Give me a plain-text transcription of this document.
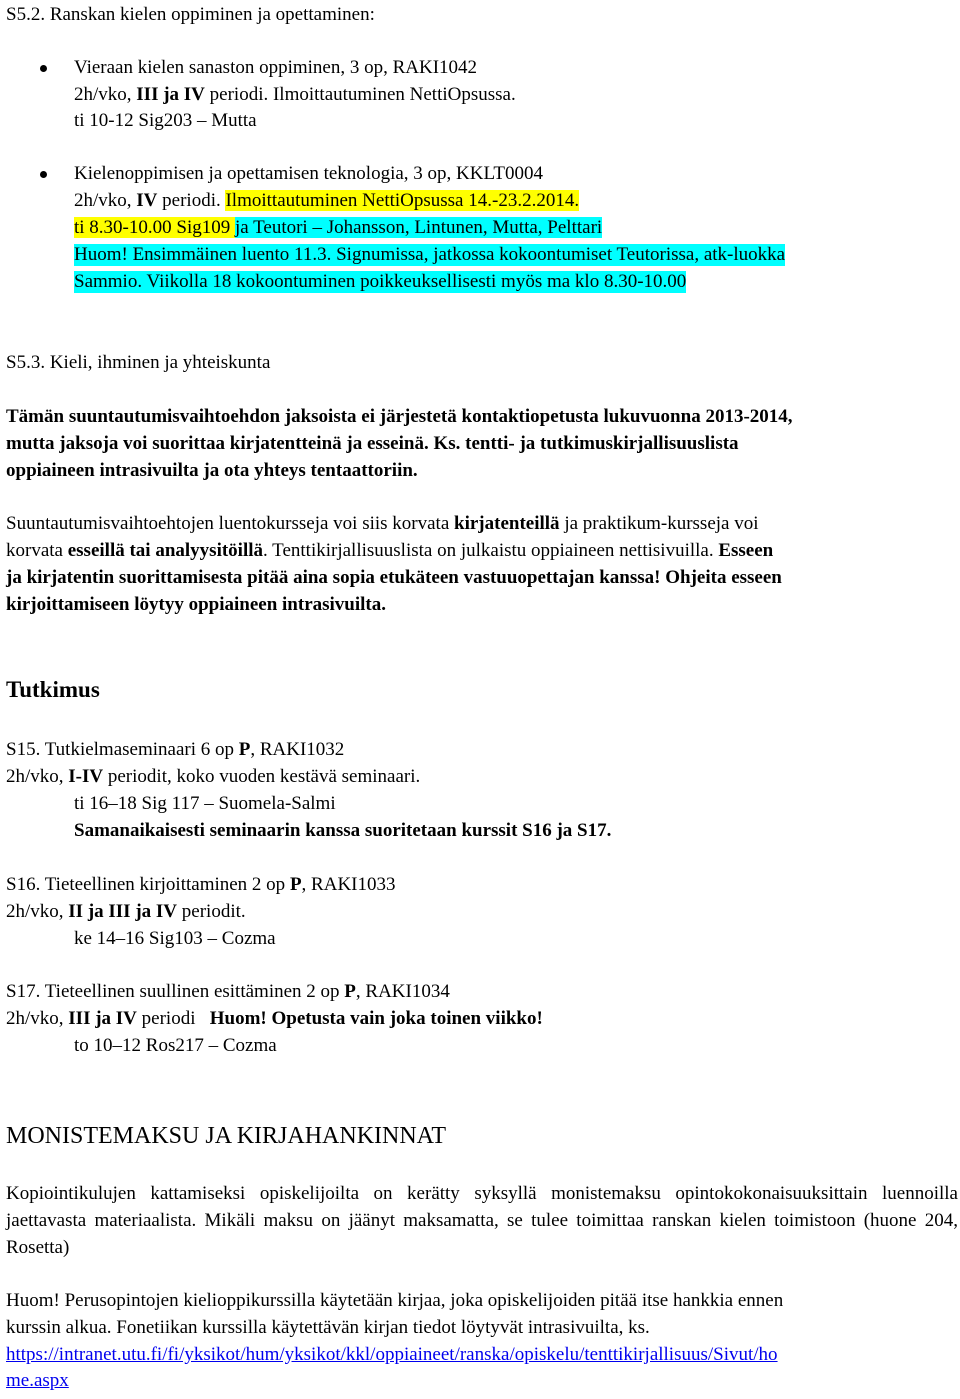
S5.2. Ranskan kielen oppiminen ja opettaminen:
Vieraan kielen sanaston oppiminen, 3 op, RAKI1042
2h/vko, III ja IV periodi. Ilmoittautuminen NettiOpsussa.
ti 10-12 Sig203 – Mutta
Kielenoppimisen ja opettamisen teknologia, 3 op, KKLT0004
2h/vko, IV periodi. Ilmoittautuminen NettiOpsussa 14.-23.2.2014.
ti 8.30-10.00 Sig109 ja Teutori – Johansson, Lintunen, Mutta, Pelttari
Huom! Ensimmäinen luento 11.3. Signumissa, jatkossa kokoontumiset Teutorissa, atk-luokka
Sammio. Viikolla 18 kokoontuminen poikkeuksellisesti myös ma klo 8.30-10.00
S5.3. Kieli, ihminen ja yhteiskunta
Tämän suuntautumisvaihtoehdon jaksoista ei järjestetä kontaktiopetusta lukuvuonna 2013-2014,
mutta jaksoja voi suorittaa kirjatentteinä ja esseinä. Ks. tentti- ja tutkimuskirjallisuuslista
oppiaineen intrasivuilta ja ota yhteys tentaattoriin.
Suuntautumisvaihtoehtojen luentokursseja voi siis korvata kirjatenteillä ja praktikum-kursseja voi
korvata esseillä tai analyysitöillä. Tenttikirjallisuuslista on julkaistu oppiaineen nettisivuilla. Esseen
ja kirjatentin suorittamisesta pitää aina sopia etukäteen vastuuopettajan kanssa! Ohjeita esseen
kirjoittamiseen löytyy oppiaineen intrasivuilta.
Tutkimus
S15. Tutkielmaseminaari 6 op P, RAKI1032
2h/vko, I-IV periodit, koko vuoden kestävä seminaari.
ti 16–18 Sig 117 – Suomela-Salmi
Samanaikaisesti seminaarin kanssa suoritetaan kurssit S16 ja S17.
S16. Tieteellinen kirjoittaminen 2 op P, RAKI1033
2h/vko, II ja III ja IV periodit.
ke 14–16 Sig103 – Cozma
S17. Tieteellinen suullinen esittäminen 2 op P, RAKI1034
2h/vko, III ja IV periodi   Huom! Opetusta vain joka toinen viikko!
to 10–12 Ros217 – Cozma
MONISTEMAKSU JA KIRJAHANKINNAT
Kopiointikulujen kattamiseksi opiskelijoilta on kerätty syksyllä monistemaksu opintokokonaisuuksittain luennoilla jaettavasta materiaalista. Mikäli maksu on jäänyt maksamatta, se tulee toimittaa ranskan kielen toimistoon (huone 204, Rosetta)
Huom! Perusopintojen kielioppikurssilla käytetään kirjaa, joka opiskelijoiden pitää itse hankkia ennen
kurssin alkua. Fonetiikan kurssilla käytettävän kirjan tiedot löytyvät intrasivuilta, ks.
https://intranet.utu.fi/fi/yksikot/hum/yksikot/kkl/oppiaineet/ranska/opiskelu/tenttikirjallisuus/Sivut/ho
me.aspx
